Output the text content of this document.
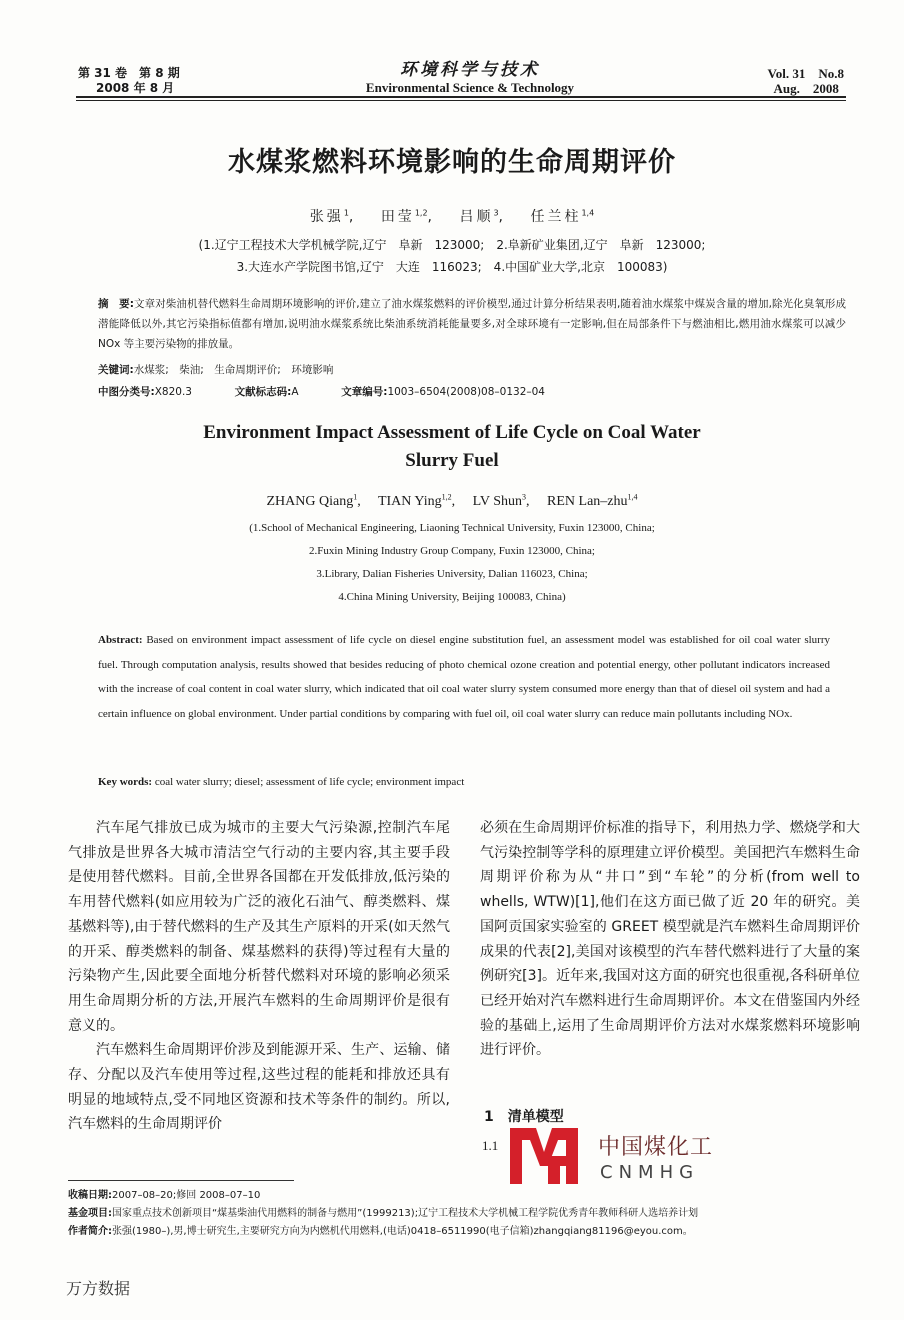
第 31 卷　第 8 期
2008 年 8 月
环境科学与技术
Environmental Science & Technology
Vol. 31　No.8
Aug.　2008
水煤浆燃料环境影响的生命周期评价
张强$^1$,　 田莹$^{1,2}$,　 吕顺$^3$,　 任兰柱$^{1,4}$
(1.辽宁工程技术大学机械学院,辽宁　阜新　123000;　2.阜新矿业集团,辽宁　阜新　123000;
3.大连水产学院图书馆,辽宁　大连　116023;　4.中国矿业大学,北京　100083)
摘　要:文章对柴油机替代燃料生命周期环境影响的评价,建立了油水煤浆燃料的评价模型,通过计算分析结果表明,随着油水煤浆中煤炭含量的增加,除光化臭氧形成潜能降低以外,其它污染指标值都有增加,说明油水煤浆系统比柴油系统消耗能量要多,对全球环境有一定影响,但在局部条件下与燃油相比,燃用油水煤浆可以减少 NOx 等主要污染物的排放量。
关键词:水煤浆;　柴油;　生命周期评价;　环境影响
中图分类号:X820.3	文献标志码:A	文章编号:1003–6504(2008)08–0132–04
Environment Impact Assessment of Life Cycle on Coal Water
Slurry Fuel
ZHANG Qiang$^1$,　 TIAN Ying$^{1,2}$,　 LV Shun$^3$,　 REN Lan–zhu$^{1,4}$
(1.School of Mechanical Engineering, Liaoning Technical University, Fuxin 123000, China;
2.Fuxin Mining Industry Group Company, Fuxin 123000, China;
3.Library, Dalian Fisheries University, Dalian 116023, China;
4.China Mining University, Beijing 100083, China)
Abstract: Based on environment impact assessment of life cycle on diesel engine substitution fuel, an assessment model was established for oil coal water slurry fuel. Through computation analysis, results showed that besides reducing of photo chemical ozone creation and potential energy, other pollutant indicators increased with the increase of coal content in coal water slurry, which indicated that oil coal water slurry system consumed more energy than that of diesel oil system and had a certain influence on global environment. Under partial conditions by comparing with fuel oil, oil coal water slurry can reduce main pollutants including NOx.
Key words: coal water slurry; diesel; assessment of life cycle; environment impact

汽车尾气排放已成为城市的主要大气污染源,控制汽车尾气排放是世界各大城市清洁空气行动的主要内容,其主要手段是使用替代燃料。目前,全世界各国都在开发低排放,低污染的车用替代燃料(如应用较为广泛的液化石油气、醇类燃料、煤基燃料等),由于替代燃料的生产及其生产原料的开采(如天然气的开采、醇类燃料的制备、煤基燃料的获得)等过程有大量的污染物产生,因此要全面地分析替代燃料对环境的影响必须采用生命周期分析的方法,开展汽车燃料的生命周期评价是很有意义的。

汽车燃料生命周期评价涉及到能源开采、生产、运输、储存、分配以及汽车使用等过程,这些过程的能耗和排放还具有明显的地域特点,受不同地区资源和技术等条件的制约。所以,汽车燃料的生命周期评价

必须在生命周期评价标准的指导下，利用热力学、燃烧学和大气污染控制等学科的原理建立评价模型。美国把汽车燃料生命周期评价称为从“井口”到“车轮”的分析(from well to whells, WTW)[1],他们在这方面已做了近 20 年的研究。美国阿贡国家实验室的 GREET 模型就是汽车燃料生命周期评价成果的代表[2],美国对该模型的汽车替代燃料进行了大量的案例研究[3]。近年来,我国对这方面的研究也很重视,各科研单位已经开始对汽车燃料进行生命周期评价。本文在借鉴国内外经验的基础上,运用了生命周期评价方法对水煤浆燃料环境影响进行评价。

1　清单模型
1.1	中国煤化工
CNMHG
收稿日期:2007–08–20;修回 2008–07–10
基金项目:国家重点技术创新项目“煤基柴油代用燃料的制备与燃用”(1999213);辽宁工程技术大学机械工程学院优秀青年教师科研人选培养计划
作者简介:张强(1980–),男,博士研究生,主要研究方向为内燃机代用燃料,(电话)0418–6511990(电子信箱)zhangqiang81196@eyou.com。
万方数据
